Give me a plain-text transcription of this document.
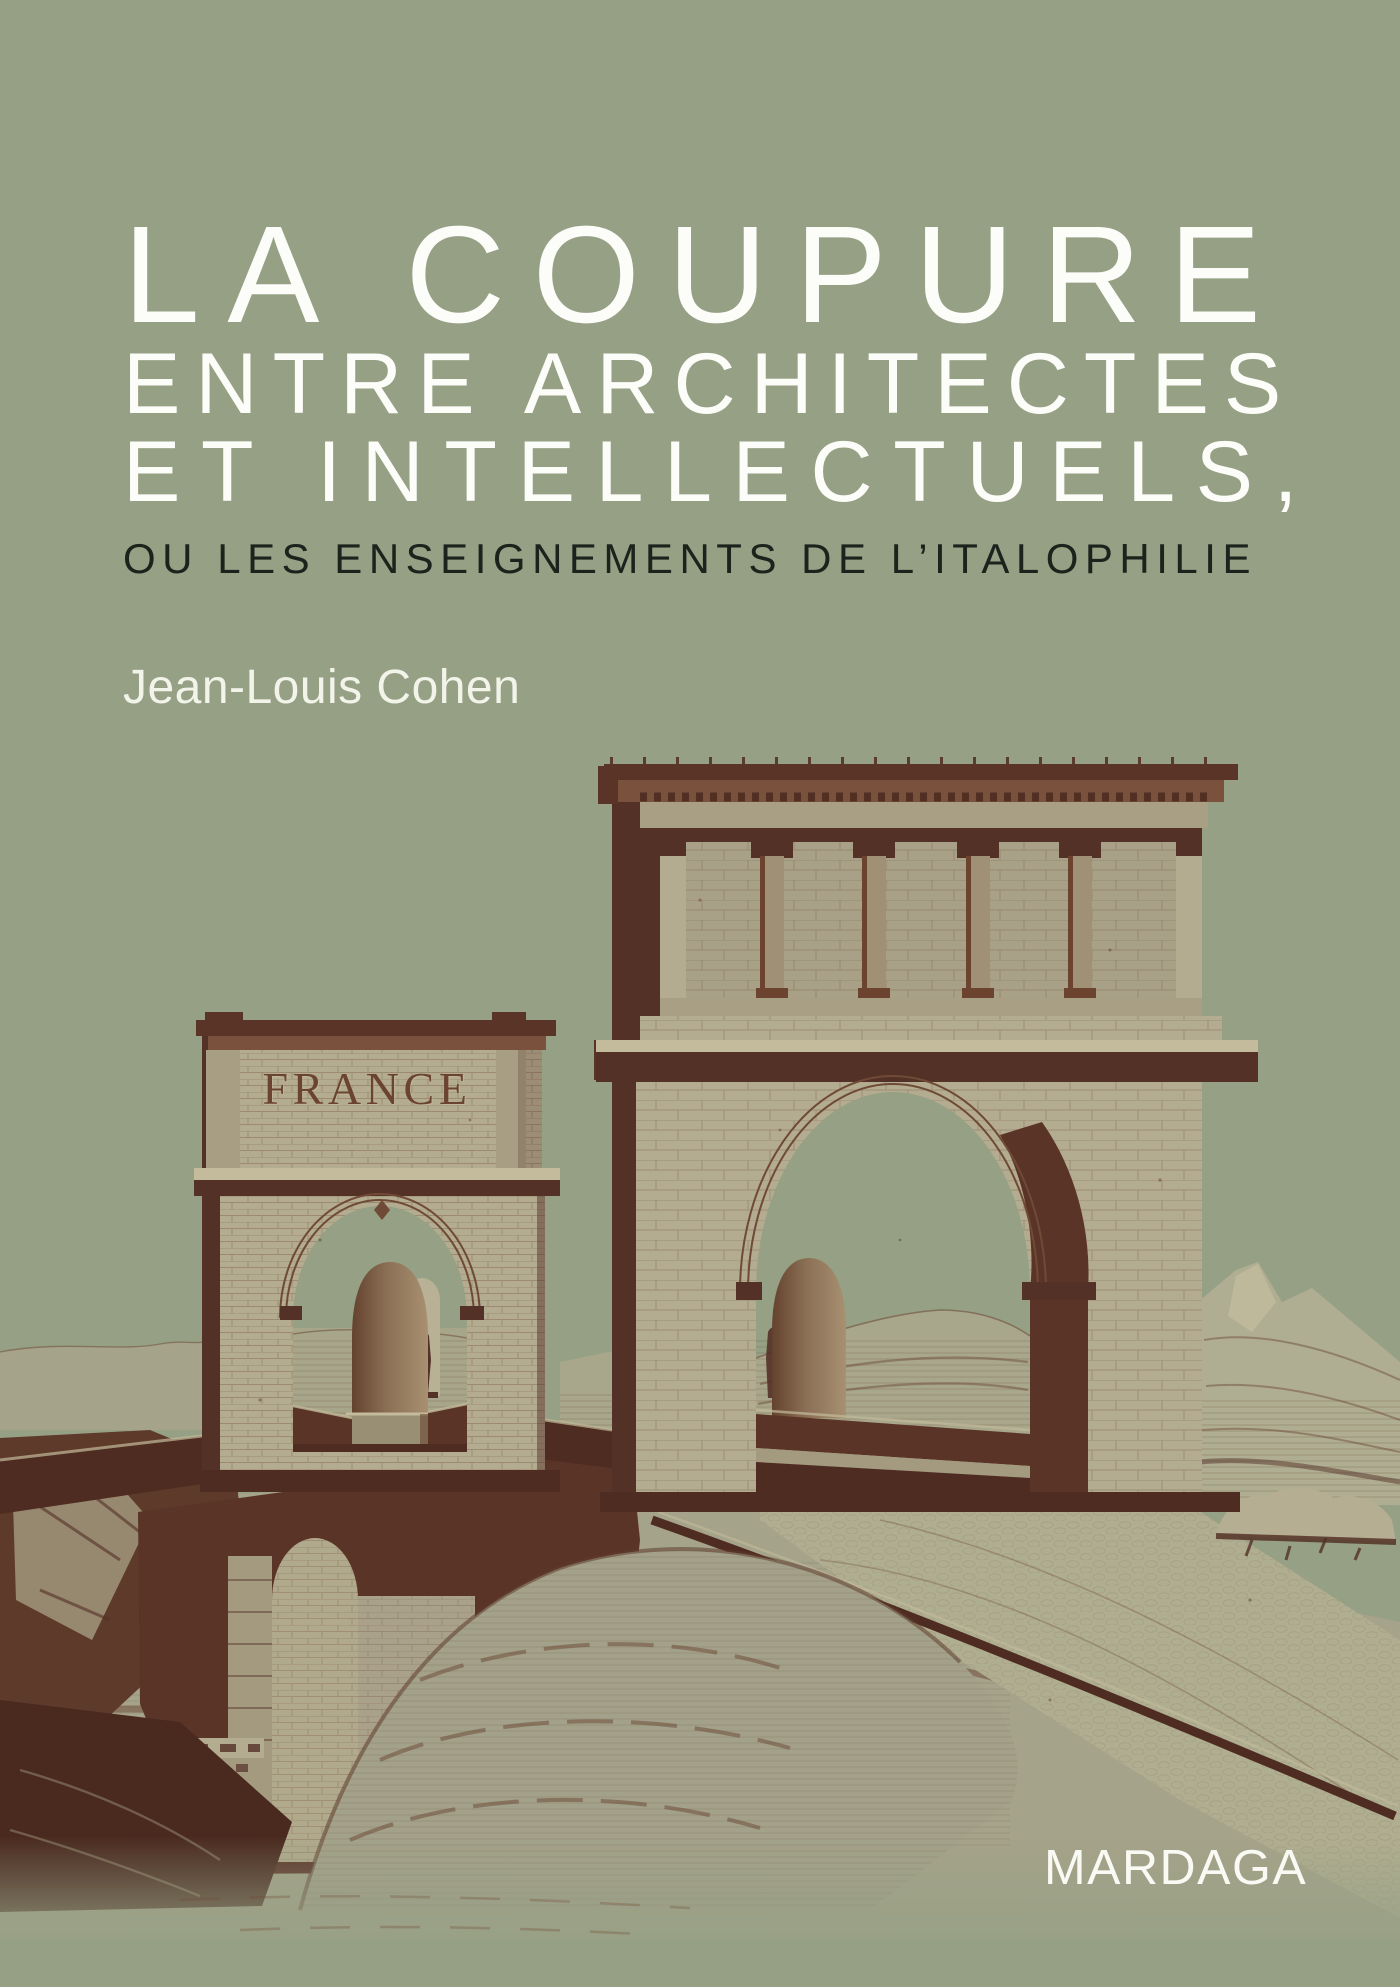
LA COUPURE
ENTRE ARCHITECTES
ET INTELLECTUELS,
OU LES ENSEIGNEMENTS DE L’ITALOPHILIE
Jean-Louis Cohen
FRANCE
MARDAGA
